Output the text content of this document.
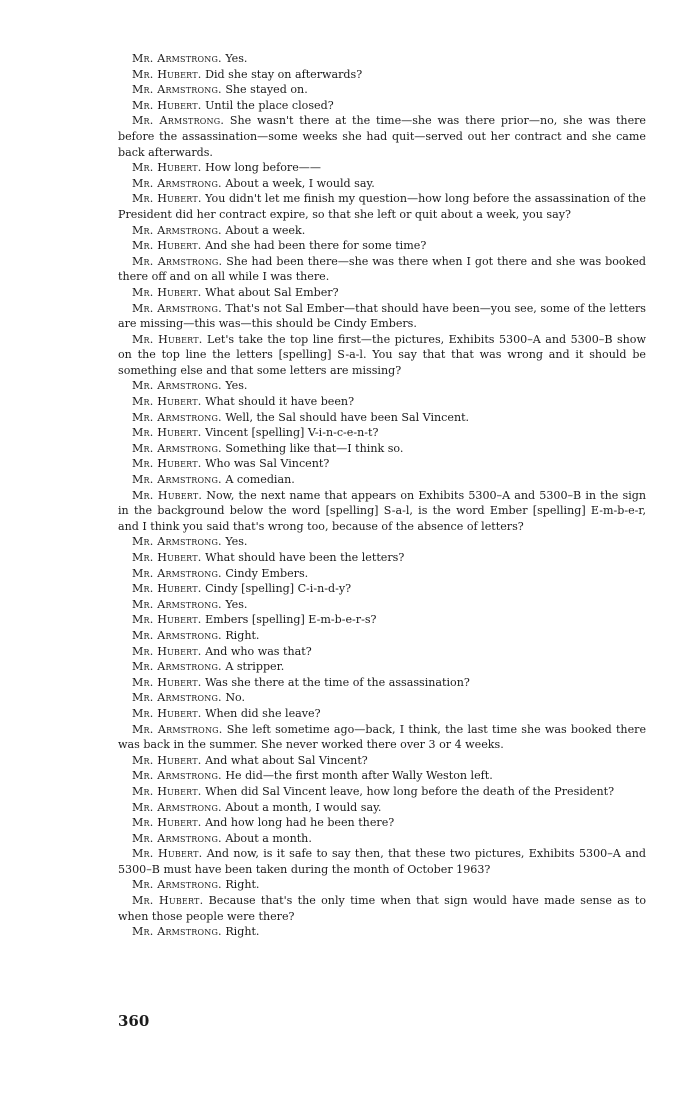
Mr. Armstrong. Yes.

Mr. Hubert. Did she stay on afterwards?

Mr. Armstrong. She stayed on.

Mr. Hubert. Until the place closed?

Mr. Armstrong. She wasn't there at the time—she was there prior—no, she was there before the assassination—some weeks she had quit—served out her contract and she came back afterwards.

Mr. Hubert. How long before——

Mr. Armstrong. About a week, I would say.

Mr. Hubert. You didn't let me finish my question—how long before the assassination of the President did her contract expire, so that she left or quit about a week, you say?

Mr. Armstrong. About a week.

Mr. Hubert. And she had been there for some time?

Mr. Armstrong. She had been there—she was there when I got there and she was booked there off and on all while I was there.

Mr. Hubert. What about Sal Ember?

Mr. Armstrong. That's not Sal Ember—that should have been—you see, some of the letters are missing—this was—this should be Cindy Embers.

Mr. Hubert. Let's take the top line first—the pictures, Exhibits 5300–A and 5300–B show on the top line the letters [spelling] S-a-l. You say that that was wrong and it should be something else and that some letters are missing?

Mr. Armstrong. Yes.

Mr. Hubert. What should it have been?

Mr. Armstrong. Well, the Sal should have been Sal Vincent.

Mr. Hubert. Vincent [spelling] V-i-n-c-e-n-t?

Mr. Armstrong. Something like that—I think so.

Mr. Hubert. Who was Sal Vincent?

Mr. Armstrong. A comedian.

Mr. Hubert. Now, the next name that appears on Exhibits 5300–A and 5300–B in the sign in the background below the word [spelling] S-a-l, is the word Ember [spelling] E-m-b-e-r, and I think you said that's wrong too, because of the absence of letters?

Mr. Armstrong. Yes.

Mr. Hubert. What should have been the letters?

Mr. Armstrong. Cindy Embers.

Mr. Hubert. Cindy [spelling] C-i-n-d-y?

Mr. Armstrong. Yes.

Mr. Hubert. Embers [spelling] E-m-b-e-r-s?

Mr. Armstrong. Right.

Mr. Hubert. And who was that?

Mr. Armstrong. A stripper.

Mr. Hubert. Was she there at the time of the assassination?

Mr. Armstrong. No.

Mr. Hubert. When did she leave?

Mr. Armstrong. She left sometime ago—back, I think, the last time she was booked there was back in the summer. She never worked there over 3 or 4 weeks.

Mr. Hubert. And what about Sal Vincent?

Mr. Armstrong. He did—the first month after Wally Weston left.

Mr. Hubert. When did Sal Vincent leave, how long before the death of the President?

Mr. Armstrong. About a month, I would say.

Mr. Hubert. And how long had he been there?

Mr. Armstrong. About a month.

Mr. Hubert. And now, is it safe to say then, that these two pictures, Exhibits 5300–A and 5300–B must have been taken during the month of October 1963?

Mr. Armstrong. Right.

Mr. Hubert. Because that's the only time when that sign would have made sense as to when those people were there?

Mr. Armstrong. Right.

360
